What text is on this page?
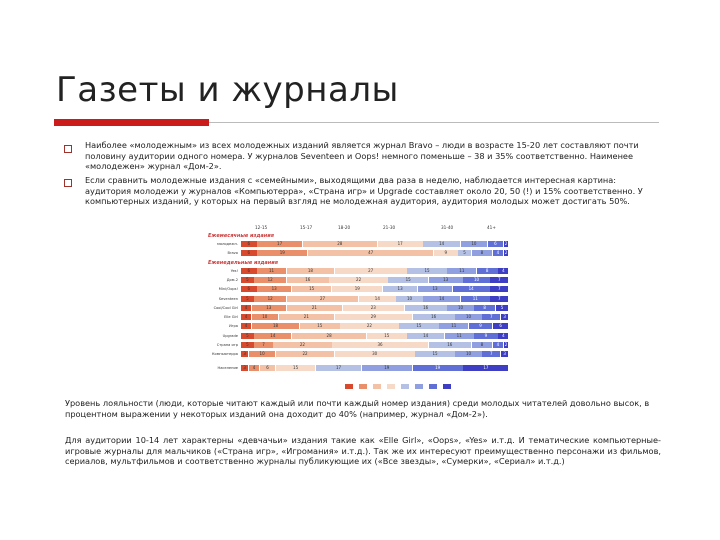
Газеты и журналы
Наиболее «молодежным» из всех молодежных изданий является журнал Bravo – люди в возрасте 15-20 лет составляют почти половину аудитории одного номера. У журналов Seventeen и Oops! немного поменьше – 38 и 35% соответственно. Наименее «молодежен» журнал «Дом-2».
Если сравнить молодежные издания с «семейными», выходящими два раза в неделю, наблюдается интересная картина: аудитория молодежи у журналов «Компьютерра», «Страна игр» и Upgrade составляет около 20, 50 (!) и 15% соответственно. У компьютерных изданий, у которых на первый взгляд не молодежная аудитория, аудитория молодых может достигать 50%.
12-15	15-17	18-20	21-30	31-40	41+
Ежемесячные издания
молодежн.	6	17	28	17	14	10	6	2
Bravo	6	19	47	9	5	8	4	2
Еженедельные издания
Yes!	6	11	18	27	15	11	8	4
Дом-2	5	12	16	22	15	13	10	7
Mini/Oops!	6	13	15	19	13	13	14	7
Seventeen	5	12	27	14	10	14	11	7
Cool/Cool Girl	4	13	21	23	16	10	8	5
Elle Girl	4	10	21	29	16	10	7	3
Игра	4	18	15	22	15	11	9	6
Upgrade	5	14	28	15	14	11	9	4
Страна игр	5	7	22	36	16	8	4	2
Компьютерра	3	10	22	30	15	10	7	3
Население	3	4	6	15	17	19	19	17
Уровень лояльности (люди, которые читают каждый или почти каждый номер издания) среди молодых читателей довольно высок, в процентном выражении у некоторых изданий она доходит до 40% (например, журнал «Дом-2»).
Для аудитории 10-14 лет характерны «девчачьи» издания такие как «Elle Girl», «Oops», «Yes» и.т.д. И тематические компьютерные- игровые журналы для мальчиков («Страна игр», «Игромания» и.т.д.). Так же их интересуют преимущественно персонажи из фильмов, сериалов, мультфильмов и соответственно журналы публикующие их («Все звезды», «Сумерки», «Сериал» и.т.д.)
